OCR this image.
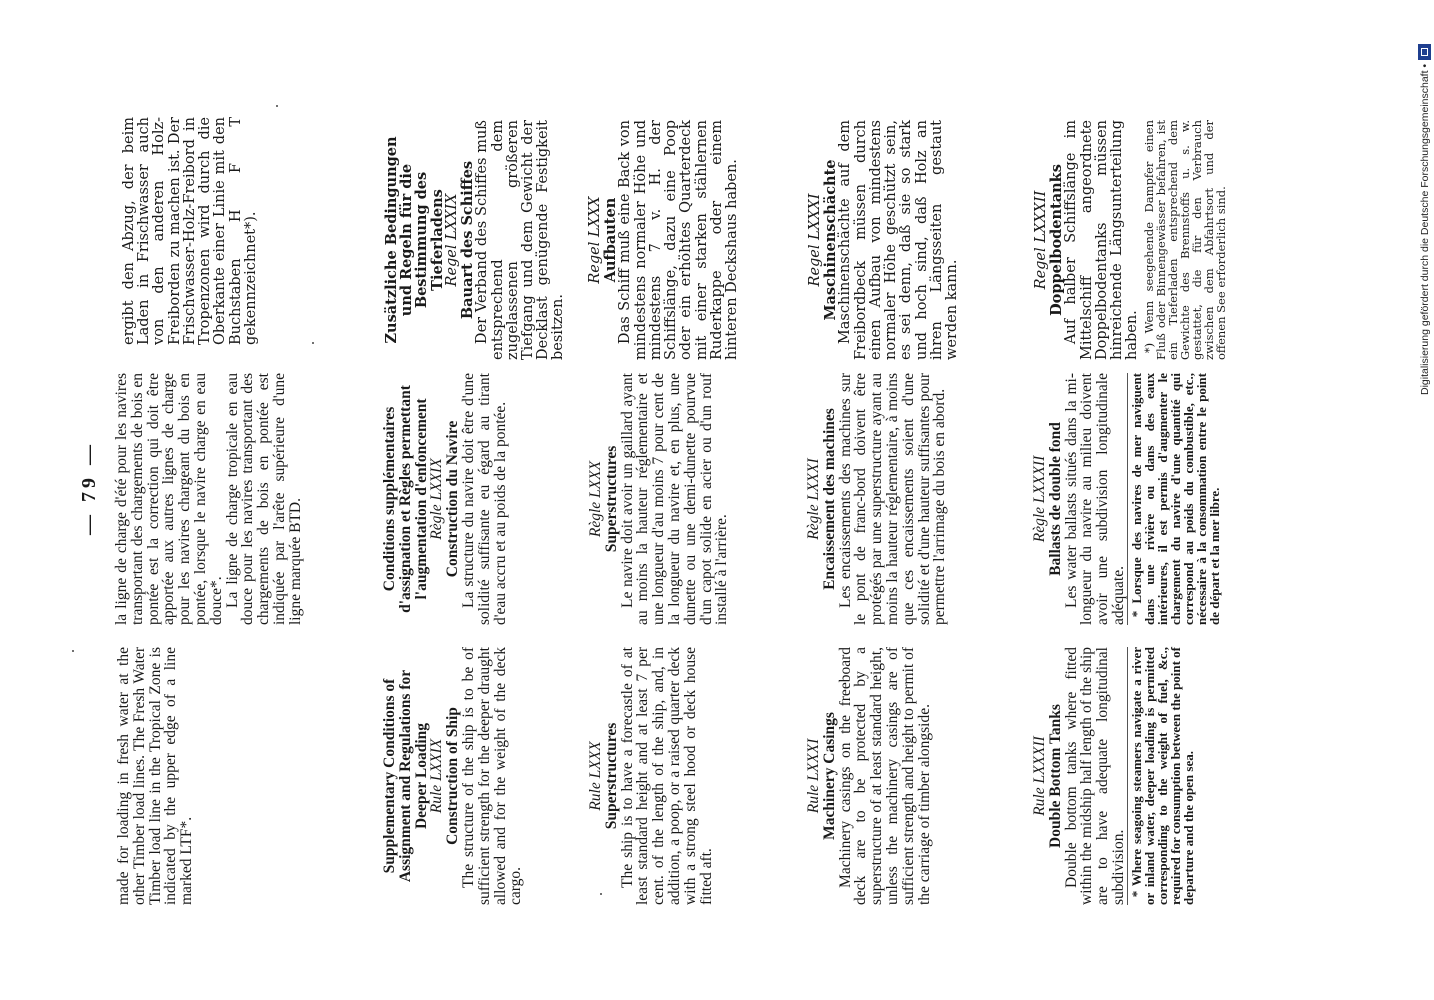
— 79 —

made for loading in fresh water at the other Timber load lines. The Fresh Water Timber load line in the Tropical Zone is indicated by the upper edge of a line marked LTF*.	Supplementary Conditions of Assignment and Regulations for Deeper Loading

Rule LXXIX

Construction of Ship

The structure of the ship is to be of sufficient strength for the deeper draught allowed and for the weight of the deck cargo.

Rule LXXX

Superstructures

The ship is to have a forecastle of at least standard height and at least 7 per cent. of the length of the ship, and, in addition, a poop, or a raised quarter deck with a strong steel hood or deck house fitted aft.

Rule LXXXI

Machinery Casings

Machinery casings on the freeboard deck are to be protected by a superstructure of at least standard height, unless the machinery casings are of sufficient strength and height to permit of the carriage of timber alongside.	Rule LXXXII

Double Bottom Tanks

Double bottom tanks where fitted within the midship half length of the ship are to have adequate longitudinal subdivision. * Where seagoing steamers navigate a river or inland water, deeper loading is permitted corresponding to the weight of fuel, &c., required for consumption between the point of departure and the open sea.

la ligne de charge d'été pour les navires transportant des chargements de bois en pontée est la correction qui doit être apportée aux autres lignes de charge pour les navires chargeant du bois en pontée, lorsque le navire charge en eau douce*.

La ligne de charge tropicale en eau douce pour les navires transportant des chargements de bois en pontée est indiquée par l'arête supérieure d'une ligne marquée BTD.	Conditions supplémentaires d'assignation et Règles permettant l'augmentation d'enfoncement

Règle LXXIX

Construction du Navire

La structure du navire doit être d'une solidité suffisante eu égard au tirant d'eau accru et au poids de la pontée.	Règle LXXX

Superstructures

Le navire doit avoir un gaillard ayant au moins la hauteur réglementaire et une longueur d'au moins 7 pour cent de la longueur du navire et, en plus, une dunette ou une demi-dunette pourvue d'un capot solide en acier ou d'un rouf installé à l'arrière.

Règle LXXXI

Encaissement des machines

Les encaissements des machines sur le pont de franc-bord doivent être protégés par une superstructure ayant au moins la hauteur réglementaire, à moins que ces encaissements soient d'une solidité et d'une hauteur suffisantes pour permettre l'arrimage du bois en abord.	Règle LXXXII

Ballasts de double fond

Les water ballasts situés dans la mi-longueur du navire au milieu doivent avoir une subdivision longitudinale adéquate. * Lorsque des navires de mer naviguent dans une rivière ou dans des eaux intérieures, il est permis d'augmenter le chargement du navire d'une quantité qui correspond au poids du combustible, etc., nécessaire à la consommation entre le point de départ et la mer libre.

ergibt den Abzug, der beim Laden in Frischwasser auch von den anderen Holz-Freiborden zu machen ist. Der Frischwasser-Holz-Freibord in Tropenzonen wird durch die Oberkante einer Linie mit den Buchstaben H F T gekennzeichnet*).	Zusätzliche Bedingungen und Regeln für die Bestimmung des Tieferladens

Regel LXXIX Bauart des Schiffes

Der Verband des Schiffes muß entsprechend dem zugelassenen größeren Tiefgang und dem Gewicht der Decklast genügende Festigkeit besitzen.

Regel LXXX Aufbauten

Das Schiff muß eine Back von mindestens normaler Höhe und mindestens 7 v. H. der Schiffslänge, dazu eine Poop oder ein erhöhtes Quarterdeck mit einer starken stählernen Ruderkappe oder einem hinteren Deckshaus haben.	Regel LXXXI Maschinenschächte

Maschinenschächte auf dem Freibordbeck müssen durch einen Aufbau von mindestens normaler Höhe geschützt sein, es sei denn, daß sie so stark und hoch sind, daß Holz an ihren Längsseiten gestaut werden kann.

Regel LXXXII Doppelbodentanks

Auf halber Schiffslänge im Mittelschiff angeordnete Doppelbodentanks müssen hinreichende Längsunterteilung haben. *) Wenn seegehende Dampfer einen Fluß oder Binnengewässer befahren, ist ein Tieferladen entsprechend dem Gewichte des Brennstoffs u. s. w. gestattet, die für den Verbrauch zwischen dem Abfahrtsort und der offenen See erforderlich sind.	Digitalisierung gefördert durch die Deutsche Forschungsgemeinschaft •
